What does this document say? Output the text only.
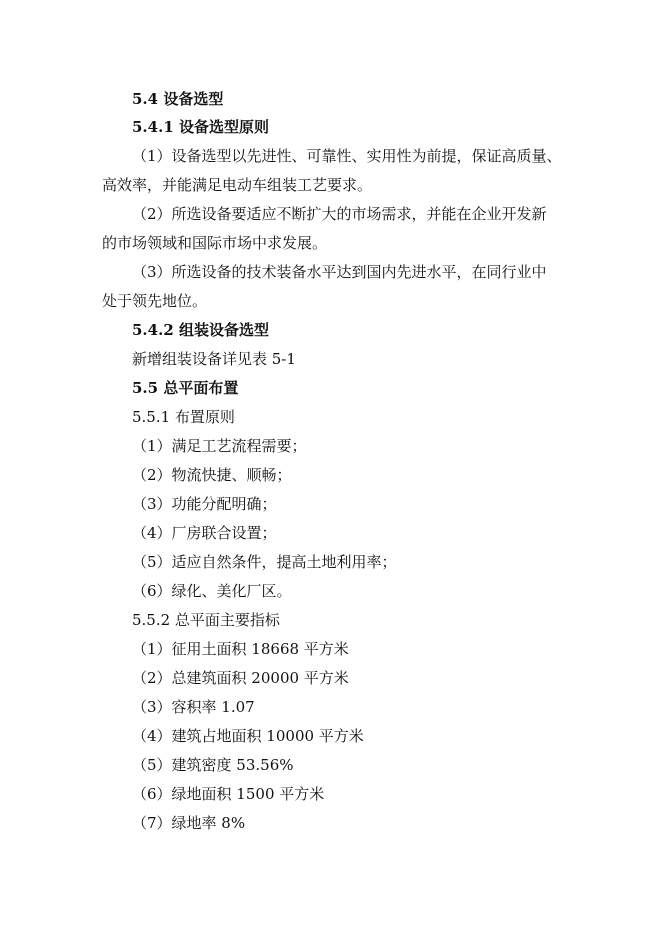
5.4 设备选型
5.4.1 设备选型原则
（1）设备选型以先进性、可靠性、实用性为前提，保证高质量、
高效率，并能满足电动车组装工艺要求。
（2）所选设备要适应不断扩大的市场需求，并能在企业开发新
的市场领域和国际市场中求发展。
（3）所选设备的技术装备水平达到国内先进水平，在同行业中
处于领先地位。
5.4.2 组装设备选型
新增组装设备详见表 5-1
5.5 总平面布置
5.5.1 布置原则
（1）满足工艺流程需要；
（2）物流快捷、顺畅；
（3）功能分配明确；
（4）厂房联合设置；
（5）适应自然条件，提高土地利用率；
（6）绿化、美化厂区。
5.5.2 总平面主要指标
（1）征用土面积 18668 平方米
（2）总建筑面积 20000 平方米
（3）容积率 1.07
（4）建筑占地面积 10000 平方米
（5）建筑密度 53.56%
（6）绿地面积 1500 平方米
（7）绿地率 8%
